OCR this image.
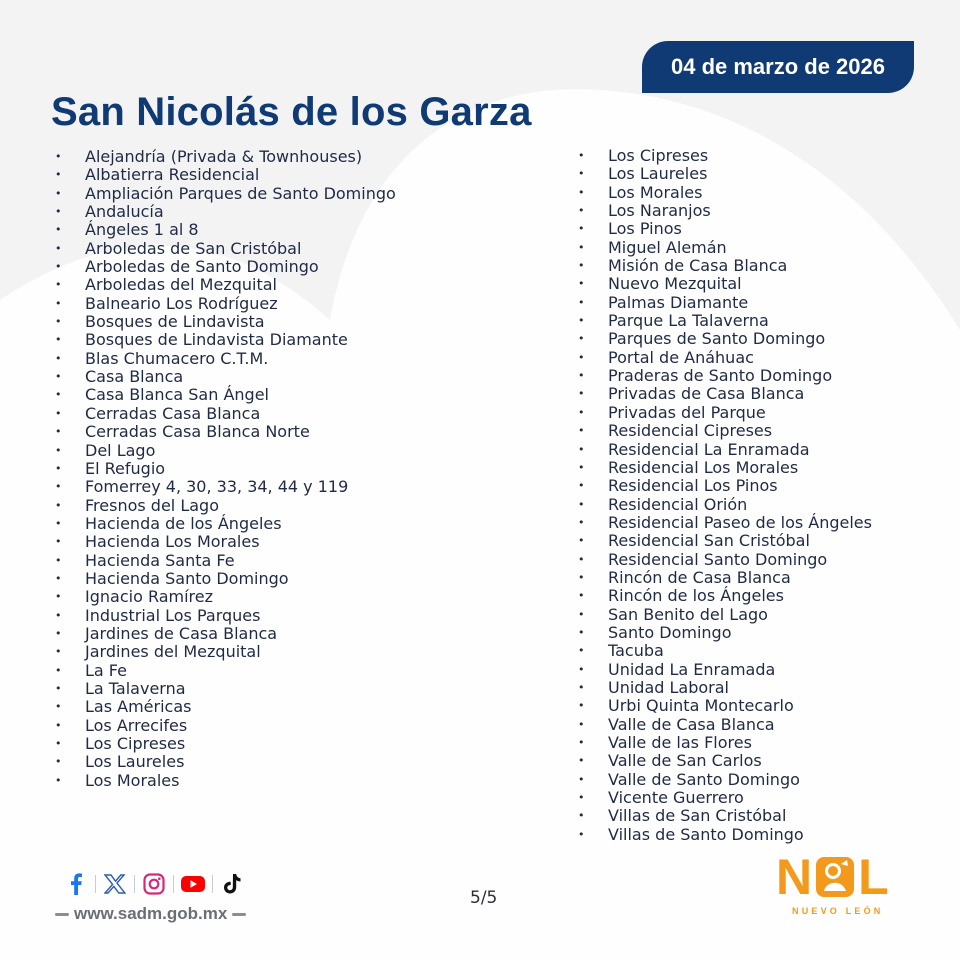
04 de marzo de 2026
San Nicolás de los Garza
• Alejandría (Privada & Townhouses)
• Albatierra Residencial
• Ampliación Parques de Santo Domingo
• Andalucía
• Ángeles 1 al 8
• Arboledas de San Cristóbal
• Arboledas de Santo Domingo
• Arboledas del Mezquital
• Balneario Los Rodríguez
• Bosques de Lindavista
• Bosques de Lindavista Diamante
• Blas Chumacero C.T.M.
• Casa Blanca
• Casa Blanca San Ángel
• Cerradas Casa Blanca
• Cerradas Casa Blanca Norte
• Del Lago
• El Refugio
• Fomerrey 4, 30, 33, 34, 44 y 119
• Fresnos del Lago
• Hacienda de los Ángeles
• Hacienda Los Morales
• Hacienda Santa Fe
• Hacienda Santo Domingo
• Ignacio Ramírez
• Industrial Los Parques
• Jardines de Casa Blanca
• Jardines del Mezquital
• La Fe
• La Talaverna
• Las Américas
• Los Arrecifes
• Los Cipreses
• Los Laureles
• Los Morales
• Los Cipreses
• Los Laureles
• Los Morales
• Los Naranjos
• Los Pinos
• Miguel Alemán
• Misión de Casa Blanca
• Nuevo Mezquital
• Palmas Diamante
• Parque La Talaverna
• Parques de Santo Domingo
• Portal de Anáhuac
• Praderas de Santo Domingo
• Privadas de Casa Blanca
• Privadas del Parque
• Residencial Cipreses
• Residencial La Enramada
• Residencial Los Morales
• Residencial Los Pinos
• Residencial Orión
• Residencial Paseo de los Ángeles
• Residencial San Cristóbal
• Residencial Santo Domingo
• Rincón de Casa Blanca
• Rincón de los Ángeles
• San Benito del Lago
• Santo Domingo
• Tacuba
• Unidad La Enramada
• Unidad Laboral
• Urbi Quinta Montecarlo
• Valle de Casa Blanca
• Valle de las Flores
• Valle de San Carlos
• Valle de Santo Domingo
• Vicente Guerrero
• Villas de San Cristóbal
• Villas de Santo Domingo
www.sadm.gob.mx
5/5	N L
NUEVO LEÓN
